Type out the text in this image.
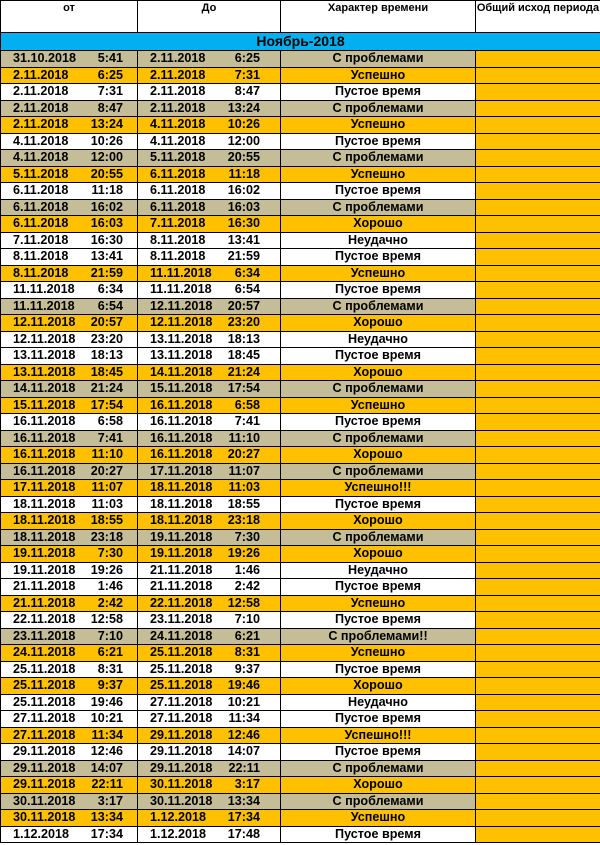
от	До	Характер времени	Общий исход периода
Ноябрь-2018			
31.10.2018 5:41	2.11.2018 6:25	С проблемами	
2.11.2018 6:25	2.11.2018 7:31	Успешно	
2.11.2018 7:31	2.11.2018 8:47	Пустое время	
2.11.2018 8:47	2.11.2018 13:24	С проблемами	
2.11.2018 13:24	4.11.2018 10:26	Успешно	
4.11.2018 10:26	4.11.2018 12:00	Пустое время	
4.11.2018 12:00	5.11.2018 20:55	С проблемами	
5.11.2018 20:55	6.11.2018 11:18	Успешно	
6.11.2018 11:18	6.11.2018 16:02	Пустое время	
6.11.2018 16:02	6.11.2018 16:03	С проблемами	
6.11.2018 16:03	7.11.2018 16:30	Хорошо	
7.11.2018 16:30	8.11.2018 13:41	Неудачно	
8.11.2018 13:41	8.11.2018 21:59	Пустое время	
8.11.2018 21:59	11.11.2018 6:34	Успешно	
11.11.2018 6:34	11.11.2018 6:54	Пустое время	
11.11.2018 6:54	12.11.2018 20:57	С проблемами	
12.11.2018 20:57	12.11.2018 23:20	Хорошо	
12.11.2018 23:20	13.11.2018 18:13	Неудачно	
13.11.2018 18:13	13.11.2018 18:45	Пустое время	
13.11.2018 18:45	14.11.2018 21:24	Хорошо	
14.11.2018 21:24	15.11.2018 17:54	С проблемами	
15.11.2018 17:54	16.11.2018 6:58	Успешно	
16.11.2018 6:58	16.11.2018 7:41	Пустое время	
16.11.2018 7:41	16.11.2018 11:10	С проблемами	
16.11.2018 11:10	16.11.2018 20:27	Хорошо	
16.11.2018 20:27	17.11.2018 11:07	С проблемами	
17.11.2018 11:07	18.11.2018 11:03	Успешно!!!	
18.11.2018 11:03	18.11.2018 18:55	Пустое время	
18.11.2018 18:55	18.11.2018 23:18	Хорошо	
18.11.2018 23:18	19.11.2018 7:30	С проблемами	
19.11.2018 7:30	19.11.2018 19:26	Хорошо	
19.11.2018 19:26	21.11.2018 1:46	Неудачно	
21.11.2018 1:46	21.11.2018 2:42	Пустое время	
21.11.2018 2:42	22.11.2018 12:58	Успешно	
22.11.2018 12:58	23.11.2018 7:10	Пустое время	
23.11.2018 7:10	24.11.2018 6:21	С проблемами!!	
24.11.2018 6:21	25.11.2018 8:31	Успешно	
25.11.2018 8:31	25.11.2018 9:37	Пустое время	
25.11.2018 9:37	25.11.2018 19:46	Хорошо	
25.11.2018 19:46	27.11.2018 10:21	Неудачно	
27.11.2018 10:21	27.11.2018 11:34	Пустое время	
27.11.2018 11:34	29.11.2018 12:46	Успешно!!!	
29.11.2018 12:46	29.11.2018 14:07	Пустое время	
29.11.2018 14:07	29.11.2018 22:11	С проблемами	
29.11.2018 22:11	30.11.2018 3:17	Хорошо	
30.11.2018 3:17	30.11.2018 13:34	С проблемами	
30.11.2018 13:34	1.12.2018 17:34	Успешно	
1.12.2018 17:34	1.12.2018 17:48	Пустое время	
